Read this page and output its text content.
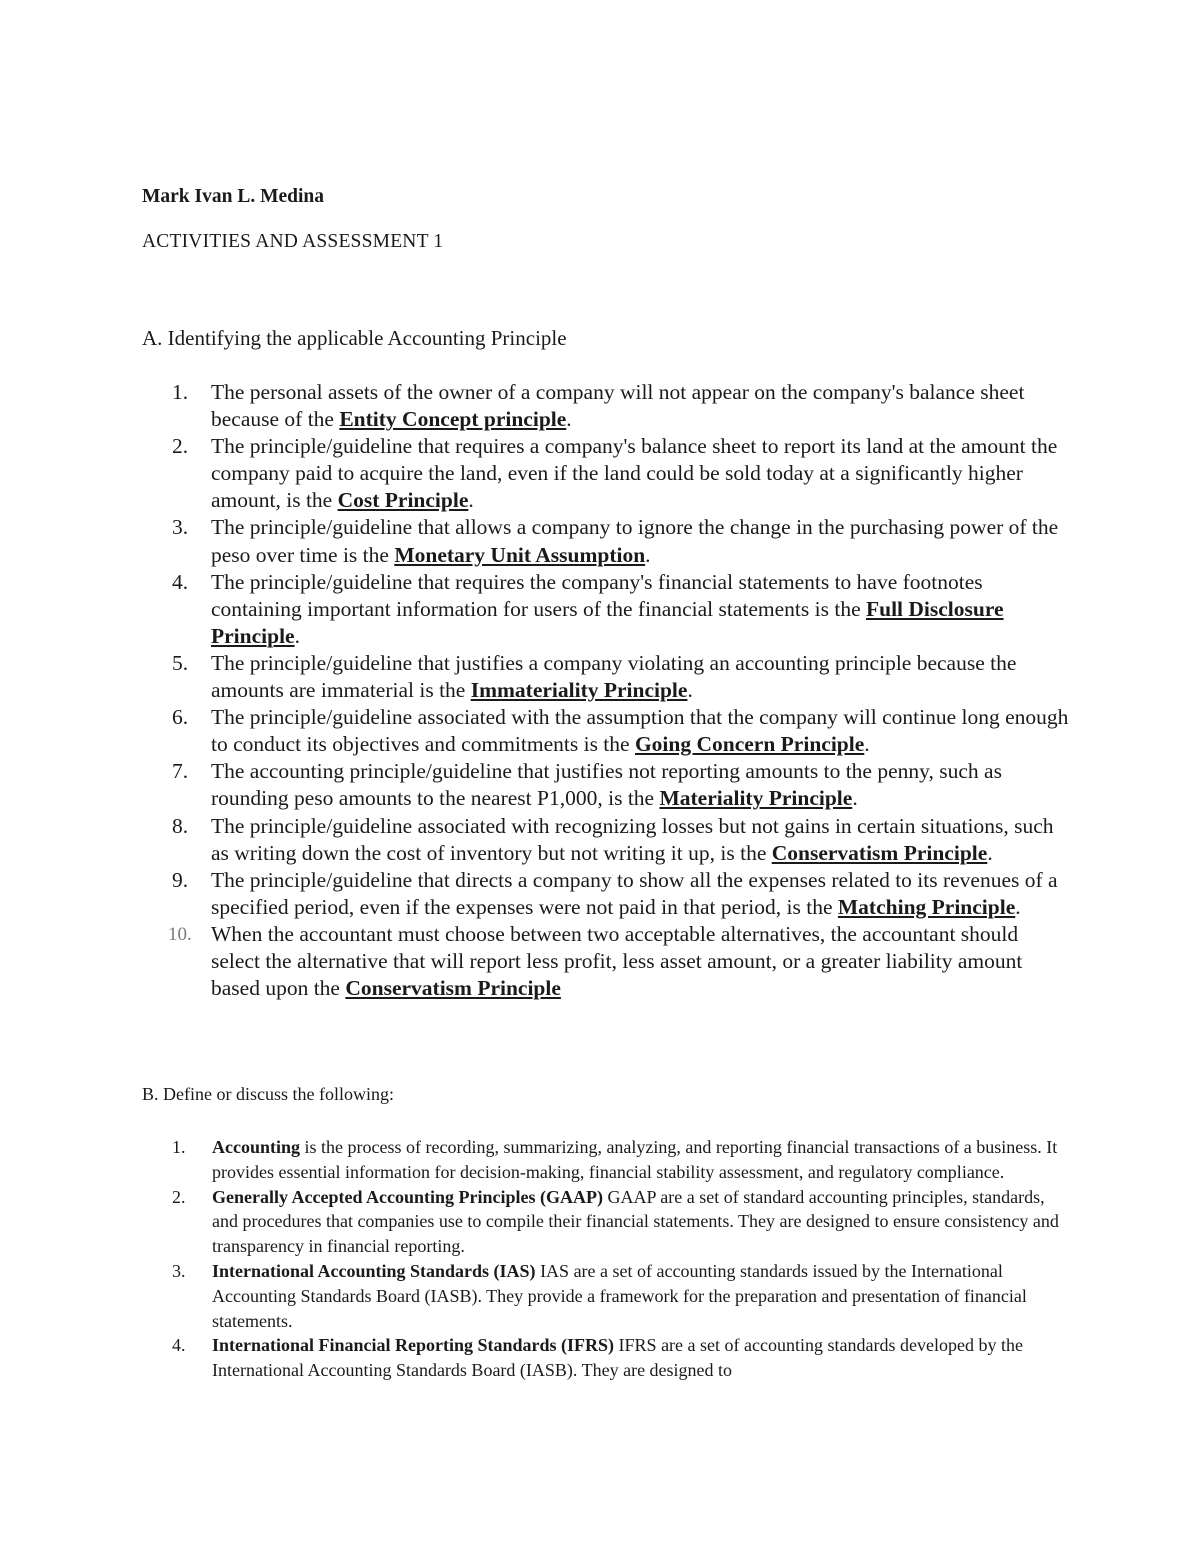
Mark Ivan L. Medina

ACTIVITIES AND ASSESSMENT 1

A. Identifying the applicable Accounting Principle

1. The personal assets of the owner of a company will not appear on the company's balance sheet because of the Entity Concept principle.
2. The principle/guideline that requires a company's balance sheet to report its land at the amount the company paid to acquire the land, even if the land could be sold today at a significantly higher amount, is the Cost Principle.
3. The principle/guideline that allows a company to ignore the change in the purchasing power of the peso over time is the Monetary Unit Assumption.
4. The principle/guideline that requires the company's financial statements to have footnotes containing important information for users of the financial statements is the Full Disclosure Principle.
5. The principle/guideline that justifies a company violating an accounting principle because the amounts are immaterial is the Immateriality Principle.
6. The principle/guideline associated with the assumption that the company will continue long enough to conduct its objectives and commitments is the Going Concern Principle.
7. The accounting principle/guideline that justifies not reporting amounts to the penny, such as rounding peso amounts to the nearest P1,000, is the Materiality Principle.
8. The principle/guideline associated with recognizing losses but not gains in certain situations, such as writing down the cost of inventory but not writing it up, is the Conservatism Principle.
9. The principle/guideline that directs a company to show all the expenses related to its revenues of a specified period, even if the expenses were not paid in that period, is the Matching Principle.
10. When the accountant must choose between two acceptable alternatives, the accountant should select the alternative that will report less profit, less asset amount, or a greater liability amount based upon the Conservatism Principle

B. Define or discuss the following:

1. Accounting is the process of recording, summarizing, analyzing, and reporting financial transactions of a business. It provides essential information for decision-making, financial stability assessment, and regulatory compliance.
2. Generally Accepted Accounting Principles (GAAP) GAAP are a set of standard accounting principles, standards, and procedures that companies use to compile their financial statements. They are designed to ensure consistency and transparency in financial reporting.
3. International Accounting Standards (IAS) IAS are a set of accounting standards issued by the International Accounting Standards Board (IASB). They provide a framework for the preparation and presentation of financial statements.
4. International Financial Reporting Standards (IFRS) IFRS are a set of accounting standards developed by the International Accounting Standards Board (IASB). They are designed to
